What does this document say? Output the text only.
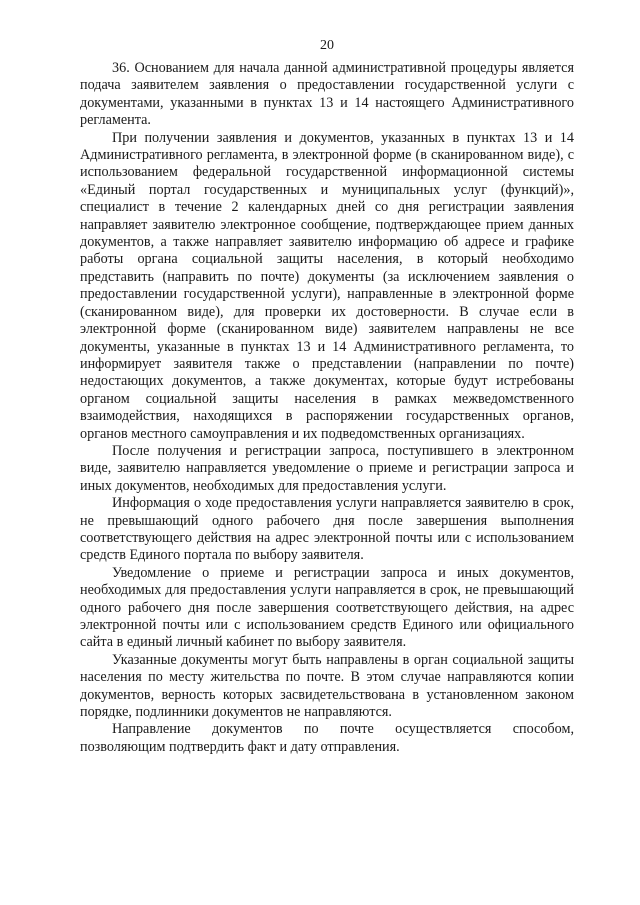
20

36. Основанием для начала данной административной процедуры является подача заявителем заявления о предоставлении государственной услуги с документами, указанными в пунктах 13 и 14 настоящего Административного регламента.

При получении заявления и документов, указанных в пунктах 13 и 14 Административного регламента, в электронной форме (в сканированном виде), с использованием федеральной государственной информационной системы «Единый портал государственных и муниципальных услуг (функций)», специалист в течение 2 календарных дней со дня регистрации заявления направляет заявителю электронное сообщение, подтверждающее прием данных документов, а также направляет заявителю информацию об адресе и графике работы органа социальной защиты населения, в который необходимо представить (направить по почте) документы (за исключением заявления о предоставлении государственной услуги), направленные в электронной форме (сканированном виде), для проверки их достоверности. В случае если в электронной форме (сканированном виде) заявителем направлены не все документы, указанные в пунктах 13 и 14 Административного регламента, то информирует заявителя также о представлении (направлении по почте) недостающих документов, а также документах, которые будут истребованы органом социальной защиты населения в рамках межведомственного взаимодействия, находящихся в распоряжении государственных органов, органов местного самоуправления и их подведомственных организациях.

После получения и регистрации запроса, поступившего в электронном виде, заявителю направляется уведомление о приеме и регистрации запроса и иных документов, необходимых для предоставления услуги.

Информация о ходе предоставления услуги направляется заявителю в срок, не превышающий одного рабочего дня после завершения выполнения соответствующего действия на адрес электронной почты или с использованием средств Единого портала по выбору заявителя.

Уведомление о приеме и регистрации запроса и иных документов, необходимых для предоставления услуги направляется в срок, не превышающий одного рабочего дня после завершения соответствующего действия, на адрес электронной почты или с использованием средств Единого или официального сайта в единый личный кабинет по выбору заявителя.

Указанные документы могут быть направлены в орган социальной защиты населения по месту жительства по почте. В этом случае направляются копии документов, верность которых засвидетельствована в установленном законом порядке, подлинники документов не направляются.

Направление документов по почте осуществляется способом, позволяющим подтвердить факт и дату отправления.
